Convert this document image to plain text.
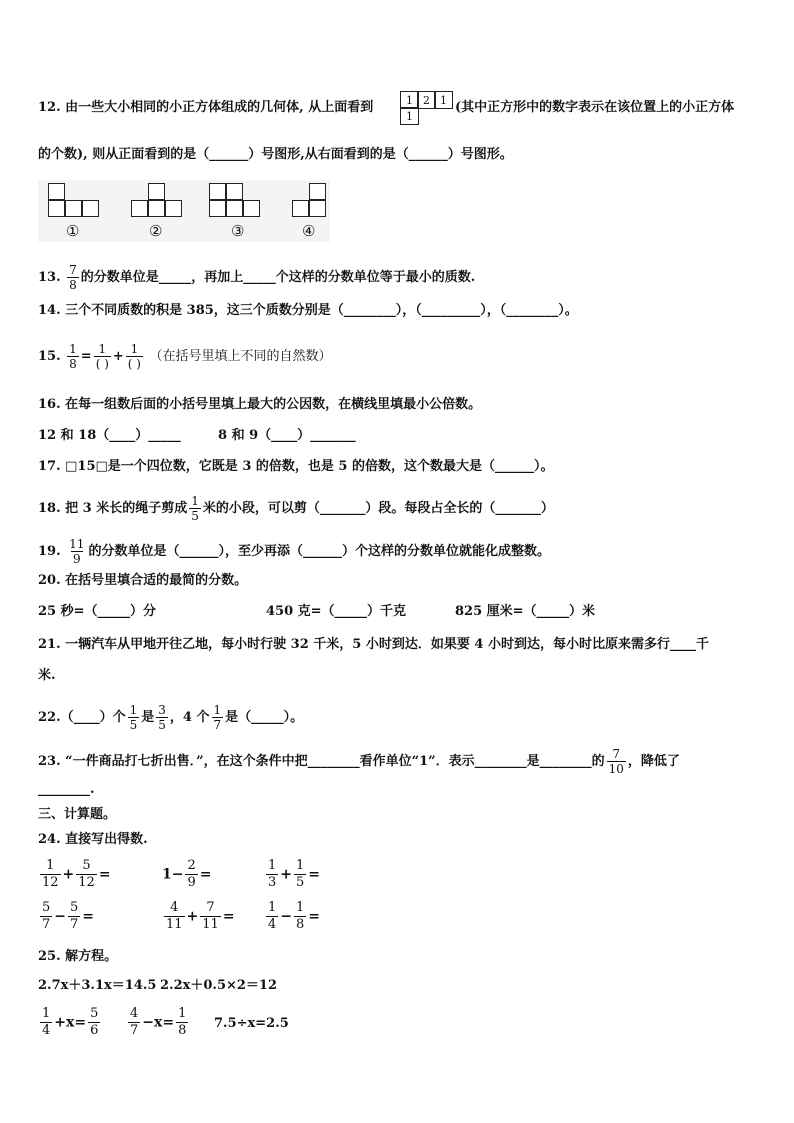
12. 由一些大小相同的小正方体组成的几何体, 从上面看到	1 2 1
1
(其中正方形中的数字表示在该位置上的小正方体
的个数), 则从正面看到的是（______）号图形,从右面看到的是（______）号图形。
①	②	③	④
13. $\frac{7}{8}$ 的分数单位是_____，再加上_____个这样的分数单位等于最小的质数.
14. 三个不同质数的积是 385，这三个质数分别是（________），（_________），（________）。
15. $\frac{1}{8} = \frac{1}{( )} + \frac{1}{( )}$ （在括号里填上不同的自然数）
16. 在每一组数后面的小括号里填上最大的公因数，在横线里填最小公倍数。
12 和 18（____）_____	8 和 9（____）_______
17. □15□是一个四位数，它既是 3 的倍数，也是 5 的倍数，这个数最大是（______）。
18. 把 3 米长的绳子剪成 $\frac{1}{5}$ 米的小段，可以剪（_______）段。每段占全长的（_______）
19. $\frac{11}{9}$ 的分数单位是（______），至少再添（______）个这样的分数单位就能化成整数。
20. 在括号里填合适的最简的分数。
25 秒=（_____）分	450 克=（_____）千克	825 厘米=（_____）米
21. 一辆汽车从甲地开往乙地，每小时行驶 32 千米，5 小时到达．如果要 4 小时到达，每小时比原来需多行____千
米.
22.（____）个 $\frac{1}{5}$ 是 $\frac{3}{5}$ ，4 个 $\frac{1}{7}$ 是（_____）。
23. “一件商品打七折出售．”，在这个条件中把________看作单位“1”．表示________是________的 $\frac{7}{10}$ ，降低了
________.
三、计算题。
24. 直接写出得数.
$\frac{1}{12} + \frac{5}{12}$ =	$1- \frac{2}{9}$ =	$\frac{1}{3} + \frac{1}{5}$ =
$\frac{5}{7} - \frac{5}{7}$ =	$\frac{4}{11} + \frac{7}{11} = \frac{1}{4} - \frac{1}{8}$ =
25. 解方程。
2.7x＋3.1x＝14.5 2.2x＋0.5×2＝12
$\frac{1}{4} +x= \frac{5}{6} \frac{4}{7} -x= \frac{1}{8} 7.5\div x=2.5$
